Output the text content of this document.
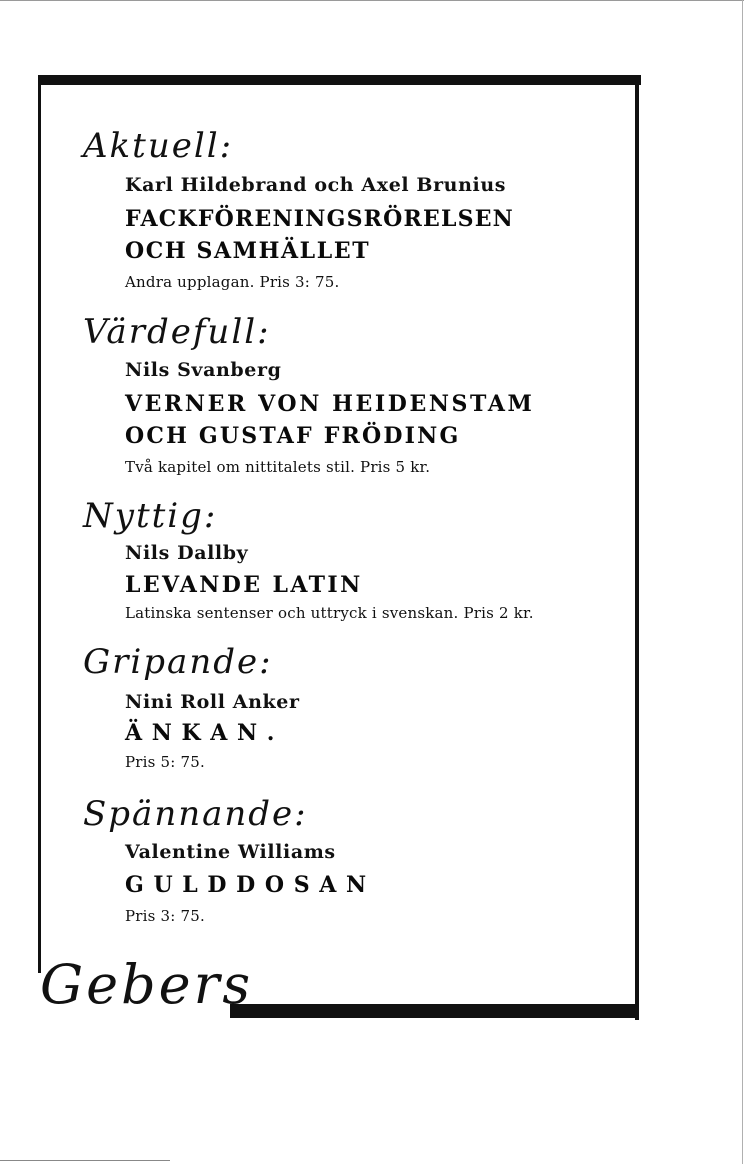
Aktuell:
Karl Hildebrand och Axel Brunius
FACKFÖRENINGSRÖRELSEN
OCH SAMHÄLLET
Andra upplagan. Pris 3: 75.
Värdefull:
Nils Svanberg
VERNER VON HEIDENSTAM
OCH GUSTAF FRÖDING
Två kapitel om nittitalets stil. Pris 5 kr.
Nyttig:
Nils Dallby
LEVANDE LATIN
Latinska sentenser och uttryck i svenskan. Pris 2 kr.
Gripande:
Nini Roll Anker
Ä N K A N .
Pris 5: 75.
Spännande:
Valentine Williams
G U L D D O S A N
Pris 3: 75.
Gebers
